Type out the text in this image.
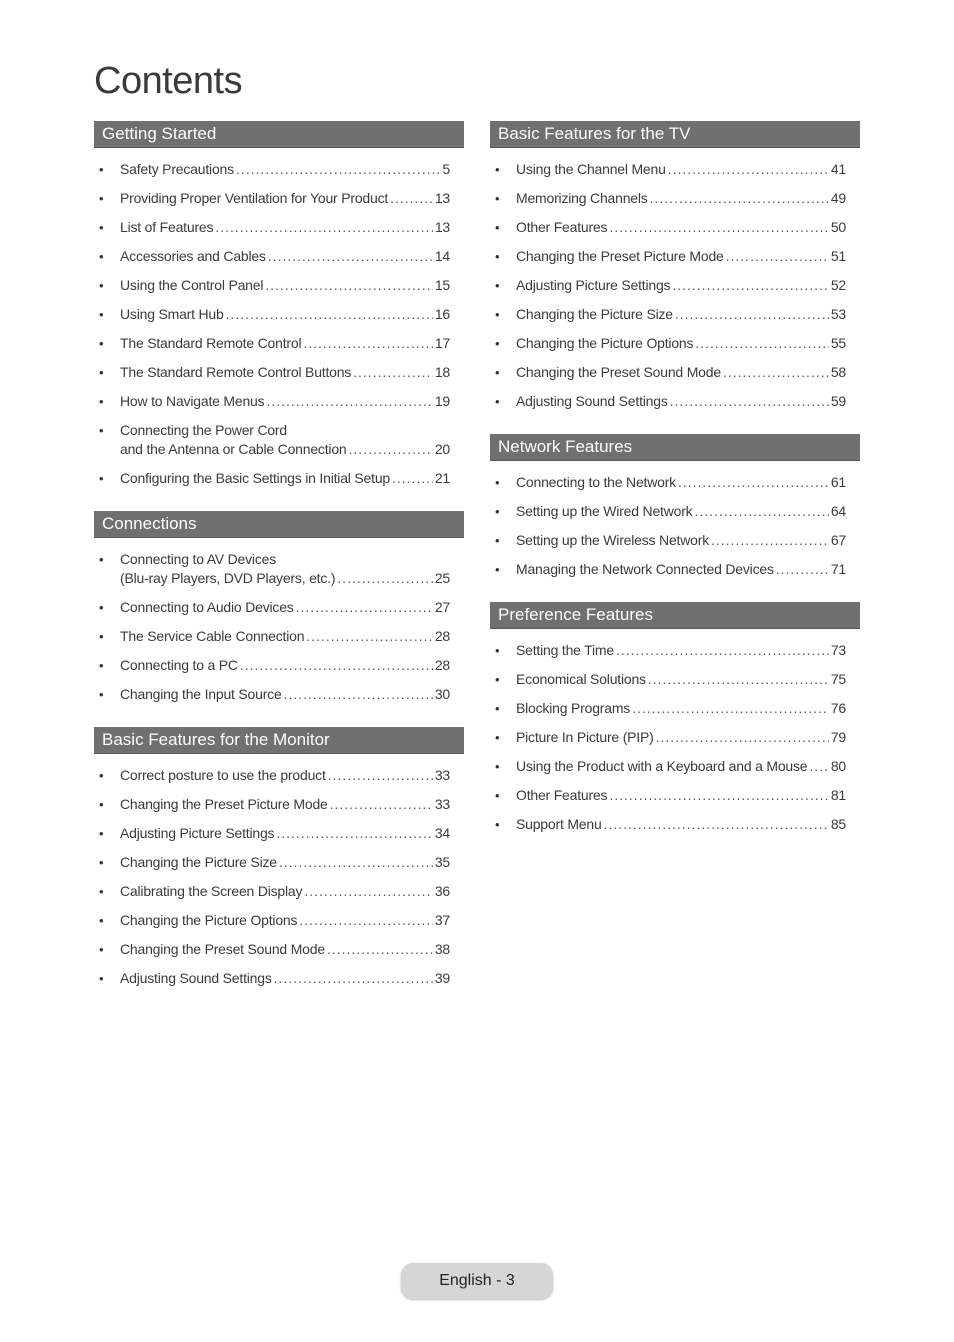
Contents
Getting Started
• Safety Precautions .....	5
• Providing Proper Ventilation for Your Product .....	13
• List of Features .....	13
• Accessories and Cables .....	14
• Using the Control Panel .....	15
• Using Smart Hub .....	16
• The Standard Remote Control .....	17
• The Standard Remote Control Buttons .....	18
• How to Navigate Menus .....	19
• Connecting the Power Cord
and the Antenna or Cable Connection .....	20
• Configuring the Basic Settings in Initial Setup .....	21
Connections
• Connecting to AV Devices
(Blu-ray Players, DVD Players, etc.) .....	25
• Connecting to Audio Devices .....	27
• The Service Cable Connection .....	28
• Connecting to a PC .....	28
• Changing the Input Source .....	30
Basic Features for the Monitor
• Correct posture to use the product .....	33
• Changing the Preset Picture Mode .....	33
• Adjusting Picture Settings .....	34
• Changing the Picture Size .....	35
• Calibrating the Screen Display .....	36
• Changing the Picture Options .....	37
• Changing the Preset Sound Mode .....	38
• Adjusting Sound Settings .....	39
Basic Features for the TV
• Using the Channel Menu .....	41
• Memorizing Channels .....	49
• Other Features .....	50
• Changing the Preset Picture Mode .....	51
• Adjusting Picture Settings .....	52
• Changing the Picture Size .....	53
• Changing the Picture Options .....	55
• Changing the Preset Sound Mode .....	58
• Adjusting Sound Settings .....	59
Network Features
• Connecting to the Network .....	61
• Setting up the Wired Network .....	64
• Setting up the Wireless Network .....	67
• Managing the Network Connected Devices .....	71
Preference Features
• Setting the Time .....	73
• Economical Solutions .....	75
• Blocking Programs .....	76
• Picture In Picture (PIP) .....	79
• Using the Product with a Keyboard and a Mouse ..... 80
• Other Features .....	81
• Support Menu .....	85
English - 3
